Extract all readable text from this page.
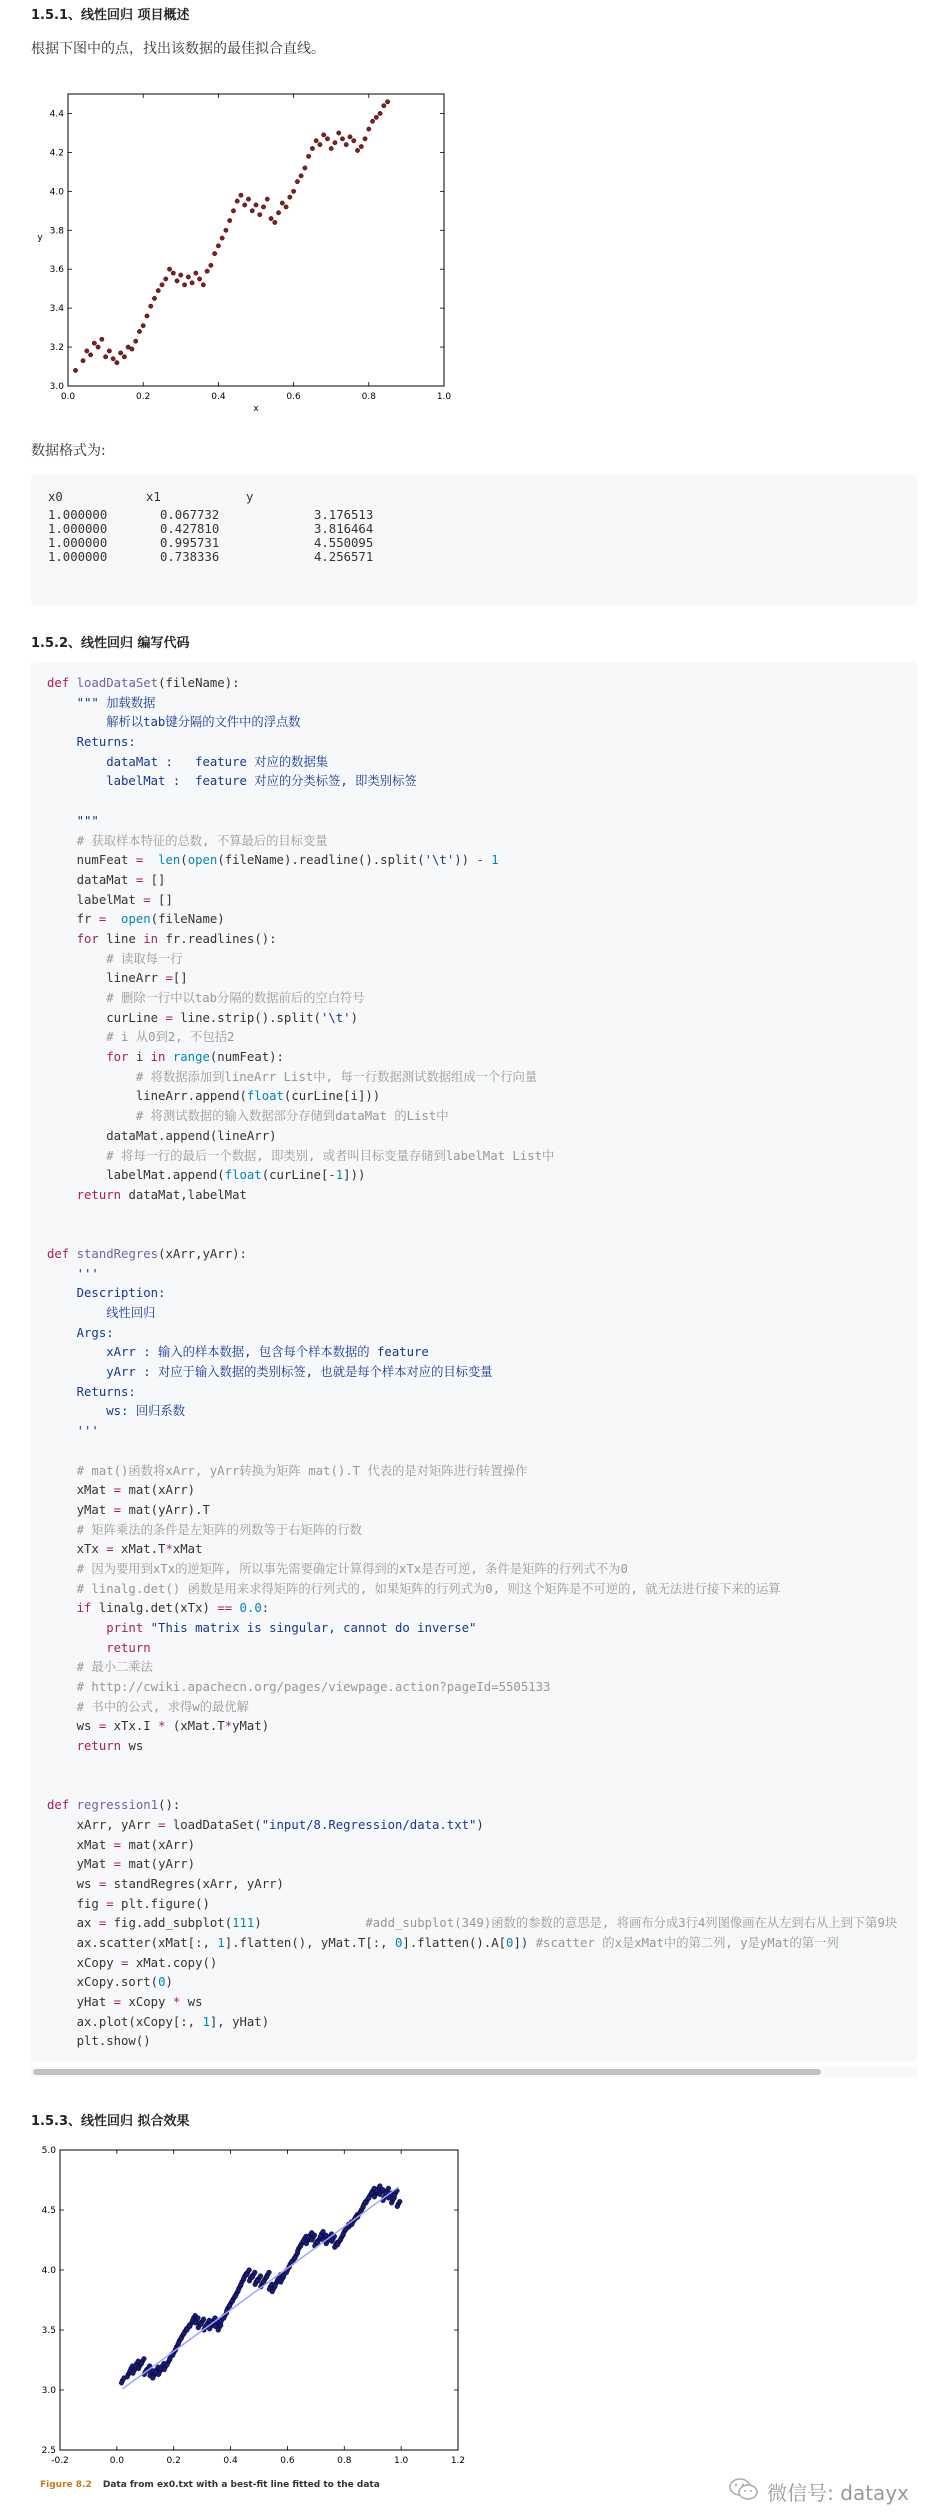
1.5.1、线性回归 项目概述
根据下图中的点，找出该数据的最佳拟合直线。
0.0	0.2	0.4	0.6	0.8	1.0
3.0
3.2
3.4
3.6
3.8
4.0
4.2
4.4
x
y
数据格式为:
x0	x1	y
1.000000	0.067732	3.176513
1.000000	0.427810	3.816464
1.000000	0.995731	4.550095
1.000000	0.738336	4.256571
1.5.2、线性回归 编写代码
def loadDataSet(fileName):
""" 加载数据
解析以tab键分隔的文件中的浮点数
Returns:
dataMat :   feature 对应的数据集
labelMat :  feature 对应的分类标签, 即类别标签
"""
# 获取样本特征的总数, 不算最后的目标变量
numFeat = len(open(fileName).readline().split('\t')) - 1
dataMat = []
labelMat = []
fr = open(fileName)
for line in fr.readlines():
# 读取每一行
lineArr =[]
# 删除一行中以tab分隔的数据前后的空白符号
curLine = line.strip().split('\t')
# i 从0到2, 不包括2
for i in range(numFeat):
# 将数据添加到lineArr List中, 每一行数据测试数据组成一个行向量
lineArr.append(float(curLine[i]))
# 将测试数据的输入数据部分存储到dataMat 的List中
dataMat.append(lineArr)
# 将每一行的最后一个数据, 即类别, 或者叫目标变量存储到labelMat List中
labelMat.append(float(curLine[-1]))
return dataMat,labelMat
def standRegres(xArr,yArr):
'''
Description:
线性回归
Args:
xArr : 输入的样本数据, 包含每个样本数据的 feature
yArr : 对应于输入数据的类别标签, 也就是每个样本对应的目标变量
Returns:
ws: 回归系数
'''
# mat()函数将xArr, yArr转换为矩阵 mat().T 代表的是对矩阵进行转置操作
xMat = mat(xArr)
yMat = mat(yArr).T
# 矩阵乘法的条件是左矩阵的列数等于右矩阵的行数
xTx = xMat.T*xMat
# 因为要用到xTx的逆矩阵, 所以事先需要确定计算得到的xTx是否可逆, 条件是矩阵的行列式不为0
# linalg.det() 函数是用来求得矩阵的行列式的, 如果矩阵的行列式为0, 则这个矩阵是不可逆的, 就无法进行接下来的运算
if linalg.det(xTx) == 0.0:
print "This matrix is singular, cannot do inverse"
return
# 最小二乘法
# http://cwiki.apachecn.org/pages/viewpage.action?pageId=5505133
# 书中的公式, 求得w的最优解
ws = xTx.I * (xMat.T*yMat)
return ws
def regression1():
xArr, yArr = loadDataSet("input/8.Regression/data.txt")
xMat = mat(xArr)
yMat = mat(yArr)
ws = standRegres(xArr, yArr)
fig = plt.figure()
ax = fig.add_subplot(111)              #add_subplot(349)函数的参数的意思是, 将画布分成3行4列图像画在从左到右从上到下第9块
ax.scatter(xMat[:, 1].flatten(), yMat.T[:, 0].flatten().A[0]) #scatter 的x是xMat中的第二列, y是yMat的第一列
xCopy = xMat.copy()
xCopy.sort(0)
yHat = xCopy * ws
ax.plot(xCopy[:, 1], yHat)
plt.show()
1.5.3、线性回归 拟合效果
-0.2	0.0	0.2	0.4	0.6	0.8	1.0	1.2
2.5
3.0
3.5
4.0
4.5
5.0
Figure 8.2 Data from ex0.txt with a best-fit line fitted to the data	微信号: datayx
